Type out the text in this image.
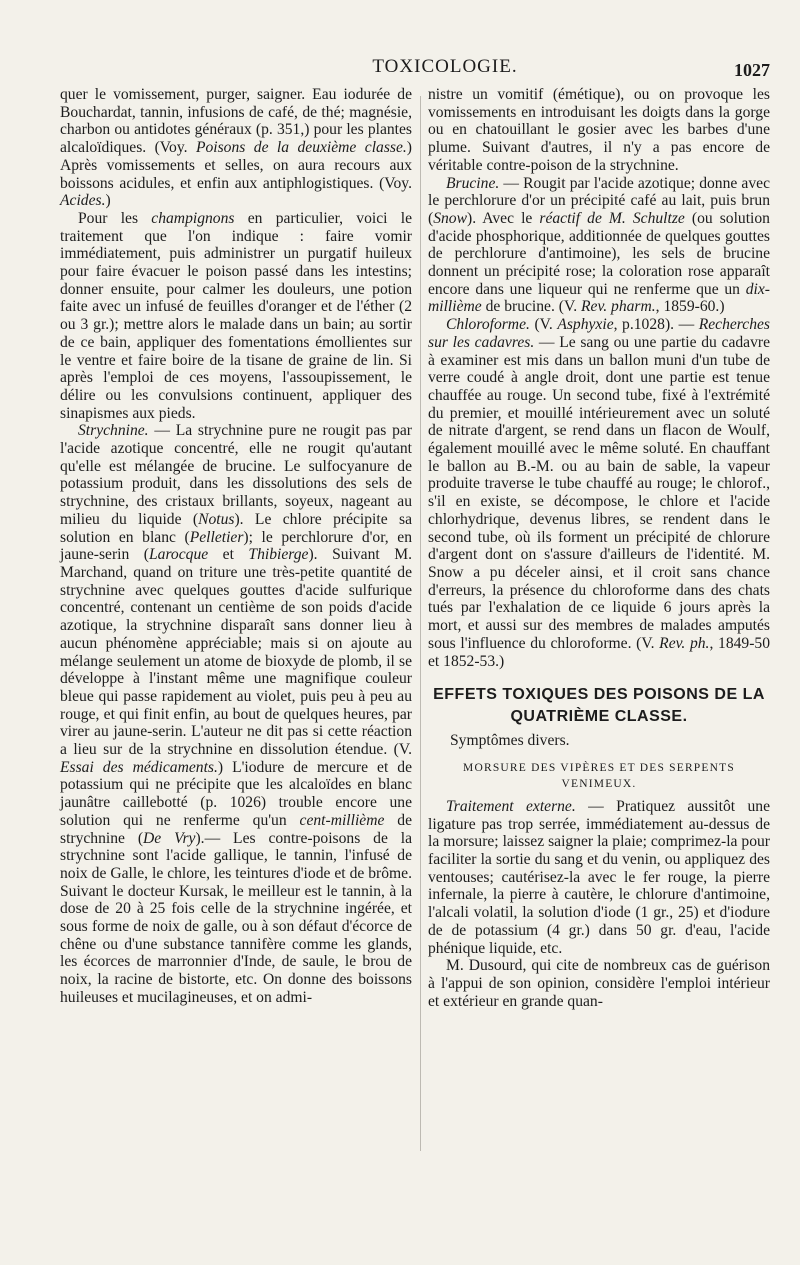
TOXICOLOGIE.	1027

quer le vomissement, purger, saigner. Eau iodurée de Bouchardat, tannin, infusions de café, de thé; magnésie, charbon ou antidotes généraux (p. 351,) pour les plantes alcaloïdiques. (Voy. Poisons de la deuxième classe.) Après vomissements et selles, on aura recours aux boissons acidules, et enfin aux antiphlogistiques. (Voy. Acides.)

Pour les champignons en particulier, voici le traitement que l'on indique : faire vomir immédiatement, puis administrer un purgatif huileux pour faire évacuer le poison passé dans les intestins; donner ensuite, pour calmer les douleurs, une potion faite avec un infusé de feuilles d'oranger et de l'éther (2 ou 3 gr.); mettre alors le malade dans un bain; au sortir de ce bain, appliquer des fomentations émollientes sur le ventre et faire boire de la tisane de graine de lin. Si après l'emploi de ces moyens, l'assoupissement, le délire ou les convulsions continuent, appliquer des sinapismes aux pieds.

Strychnine. — La strychnine pure ne rougit pas par l'acide azotique concentré, elle ne rougit qu'autant qu'elle est mélangée de brucine. Le sulfocyanure de potassium produit, dans les dissolutions des sels de strychnine, des cristaux brillants, soyeux, nageant au milieu du liquide (Notus). Le chlore précipite sa solution en blanc (Pelletier); le perchlorure d'or, en jaune-serin (Larocque et Thibierge). Suivant M. Marchand, quand on triture une très-petite quantité de strychnine avec quelques gouttes d'acide sulfurique concentré, contenant un centième de son poids d'acide azotique, la strychnine disparaît sans donner lieu à aucun phénomène appréciable; mais si on ajoute au mélange seulement un atome de bioxyde de plomb, il se développe à l'instant même une magnifique couleur bleue qui passe rapidement au violet, puis peu à peu au rouge, et qui finit enfin, au bout de quelques heures, par virer au jaune-serin. L'auteur ne dit pas si cette réaction a lieu sur de la strychnine en dissolution étendue. (V. Essai des médicaments.) L'iodure de mercure et de potassium qui ne précipite que les alcaloïdes en blanc jaunâtre caillebotté (p. 1026) trouble encore une solution qui ne renferme qu'un cent-millième de strychnine (De Vry).— Les contre-poisons de la strychnine sont l'acide gallique, le tannin, l'infusé de noix de Galle, le chlore, les teintures d'iode et de brôme. Suivant le docteur Kursak, le meilleur est le tannin, à la dose de 20 à 25 fois celle de la strychnine ingérée, et sous forme de noix de galle, ou à son défaut d'écorce de chêne ou d'une substance tannifère comme les glands, les écorces de marronnier d'Inde, de saule, le brou de noix, la racine de bistorte, etc. On donne des boissons huileuses et mucilagineuses, et on admi-

nistre un vomitif (émétique), ou on provoque les vomissements en introduisant les doigts dans la gorge ou en chatouillant le gosier avec les barbes d'une plume. Suivant d'autres, il n'y a pas encore de véritable contre-poison de la strychnine.

Brucine. — Rougit par l'acide azotique; donne avec le perchlorure d'or un précipité café au lait, puis brun (Snow). Avec le réactif de M. Schultze (ou solution d'acide phosphorique, additionnée de quelques gouttes de perchlorure d'antimoine), les sels de brucine donnent un précipité rose; la coloration rose apparaît encore dans une liqueur qui ne renferme que un dix-millième de brucine. (V. Rev. pharm., 1859-60.)

Chloroforme. (V. Asphyxie, p.1028). — Recherches sur les cadavres. — Le sang ou une partie du cadavre à examiner est mis dans un ballon muni d'un tube de verre coudé à angle droit, dont une partie est tenue chauffée au rouge. Un second tube, fixé à l'extrémité du premier, et mouillé intérieurement avec un soluté de nitrate d'argent, se rend dans un flacon de Woulf, également mouillé avec le même soluté. En chauffant le ballon au B.-M. ou au bain de sable, la vapeur produite traverse le tube chauffé au rouge; le chlorof., s'il en existe, se décompose, le chlore et l'acide chlorhydrique, devenus libres, se rendent dans le second tube, où ils forment un précipité de chlorure d'argent dont on s'assure d'ailleurs de l'identité. M. Snow a pu déceler ainsi, et il croit sans chance d'erreurs, la présence du chloroforme dans des chats tués par l'exhalation de ce liquide 6 jours après la mort, et aussi sur des membres de malades amputés sous l'influence du chloroforme. (V. Rev. ph., 1849-50 et 1852-53.)

EFFETS TOXIQUES DES POISONS DE LA QUATRIÈME CLASSE.
Symptômes divers.
MORSURE DES VIPÈRES ET DES SERPENTS VENIMEUX.

Traitement externe. — Pratiquez aussitôt une ligature pas trop serrée, immédiatement au-dessus de la morsure; laissez saigner la plaie; comprimez-la pour faciliter la sortie du sang et du venin, ou appliquez des ventouses; cautérisez-la avec le fer rouge, la pierre infernale, la pierre à cautère, le chlorure d'antimoine, l'alcali volatil, la solution d'iode (1 gr., 25) et d'iodure de de potassium (4 gr.) dans 50 gr. d'eau, l'acide phénique liquide, etc.

M. Dusourd, qui cite de nombreux cas de guérison à l'appui de son opinion, considère l'emploi intérieur et extérieur en grande quan-
